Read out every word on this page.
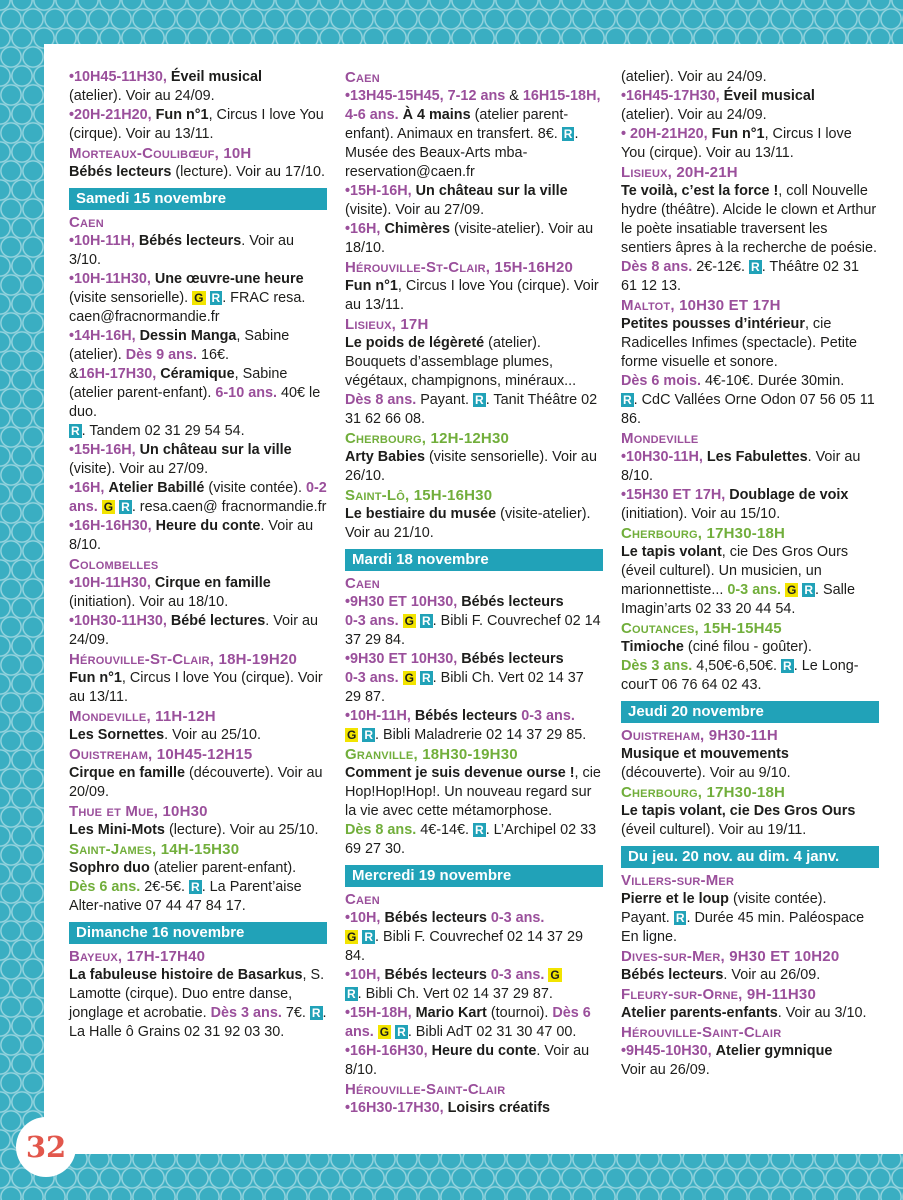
•10H45-11H30, Éveil musical
(atelier). Voir au 24/09.

•20H-21H20, Fun n°1, Circus I love You (cirque). Voir au 13/11.

Morteaux-Coulibœuf, 10H

Bébés lecteurs (lecture). Voir au 17/10.

Samedi 15 novembre

Caen

•10H-11H, Bébés lecteurs. Voir au 3/10.

•10H-11H30, Une œuvre-une heure (visite sensorielle). G R . FRAC resa. caen@fracnormandie.fr

•14H-16H, Dessin Manga, Sabine (atelier). Dès 9 ans. 16€.

&16H-17H30, Céramique, Sabine (atelier parent-enfant). 6-10 ans. 40€ le duo.
R . Tandem 02 31 29 54 54.

•15H-16H, Un château sur la ville (visite). Voir au 27/09.

•16H, Atelier Babillé (visite contée). 0-2 ans. G R . resa.caen@ fracnormandie.fr

•16H-16H30, Heure du conte. Voir au 8/10.

Colombelles

•10H-11H30, Cirque en famille (initiation). Voir au 18/10.

•10H30-11H30, Bébé lectures. Voir au 24/09.

Hérouville-St-Clair, 18H-19H20

Fun n°1, Circus I love You (cirque). Voir au 13/11.

Mondeville, 11H-12H

Les Sornettes. Voir au 25/10.

Ouistreham, 10H45-12H15

Cirque en famille (découverte). Voir au 20/09.

Thue et Mue, 10H30

Les Mini-Mots (lecture). Voir au 25/10.

Saint-James, 14H-15H30

Sophro duo (atelier parent-enfant).
Dès 6 ans. 2€-5€. R . La Parent’aise Alter-native 07 44 47 84 17.

Dimanche 16 novembre

Bayeux, 17H-17H40

La fabuleuse histoire de Basarkus, S. Lamotte (cirque). Duo entre danse, jonglage et acrobatie. Dès 3 ans. 7€. R . La Halle ô Grains 02 31 92 03 30.

Caen

•13H45-15H45, 7-12 ans & 16H15-18H, 4-6 ans. À 4 mains (atelier parent-enfant). Animaux en transfert. 8€. R . Musée des Beaux-Arts mba-reservation@caen.fr

•15H-16H, Un château sur la ville (visite). Voir au 27/09.

•16H, Chimères (visite-atelier). Voir au 18/10.

Hérouville-St-Clair, 15H-16H20

Fun n°1, Circus I love You (cirque). Voir au 13/11.

Lisieux, 17H

Le poids de légèreté (atelier). Bouquets d’assemblage plumes, végétaux, champignons, minéraux...
Dès 8 ans. Payant. R . Tanit Théâtre 02 31 62 66 08.

Cherbourg, 12H-12H30

Arty Babies (visite sensorielle). Voir au 26/10.

Saint-Lô, 15H-16H30

Le bestiaire du musée (visite-atelier). Voir au 21/10.

Mardi 18 novembre

Caen

•9H30 ET 10H30, Bébés lecteurs
0-3 ans. G R . Bibli F. Couvrechef 02 14 37 29 84.

•9H30 ET 10H30, Bébés lecteurs
0-3 ans. G R . Bibli Ch. Vert 02 14 37 29 87.

•10H-11H, Bébés lecteurs 0-3 ans.
G R . Bibli Maladrerie 02 14 37 29 85.

Granville, 18H30-19H30

Comment je suis devenue ourse !, cie Hop!Hop!Hop!. Un nouveau regard sur la vie avec cette métamorphose.
Dès 8 ans. 4€-14€. R . L’Archipel 02 33 69 27 30.

Mercredi 19 novembre

Caen

•10H, Bébés lecteurs 0-3 ans.
G R . Bibli F. Couvrechef 02 14 37 29 84.

•10H, Bébés lecteurs 0-3 ans. G
R . Bibli Ch. Vert 02 14 37 29 87.

•15H-18H, Mario Kart (tournoi). Dès 6 ans. G R . Bibli AdT 02 31 30 47 00.

•16H-16H30, Heure du conte. Voir au 8/10.

Hérouville-Saint-Clair

•16H30-17H30, Loisirs créatifs

(atelier). Voir au 24/09.

•16H45-17H30, Éveil musical
(atelier). Voir au 24/09.

• 20H-21H20, Fun n°1, Circus I love You (cirque). Voir au 13/11.

Lisieux, 20H-21H

Te voilà, c’est la force !, coll Nouvelle hydre (théâtre). Alcide le clown et Arthur le poète insatiable traversent les sentiers âpres à la recherche de poésie. Dès 8 ans. 2€-12€. R . Théâtre 02 31 61 12 13.

Maltot, 10H30 ET 17H

Petites pousses d’intérieur, cie Radicelles Infimes (spectacle). Petite forme visuelle et sonore.
Dès 6 mois. 4€-10€. Durée 30min.
R . CdC Vallées Orne Odon 07 56 05 11 86.

Mondeville

•10H30-11H, Les Fabulettes. Voir au 8/10.

•15H30 ET 17H, Doublage de voix (initiation). Voir au 15/10.

Cherbourg, 17H30-18H

Le tapis volant, cie Des Gros Ours (éveil culturel). Un musicien, un marionnettiste... 0-3 ans. G R . Salle Imagin’arts 02 33 20 44 54.

Coutances, 15H-15H45

Timioche (ciné filou - goûter).
Dès 3 ans. 4,50€-6,50€. R . Le Long-courT 06 76 64 02 43.

Jeudi 20 novembre

Ouistreham, 9H30-11H

Musique et mouvements
(découverte). Voir au 9/10.

Cherbourg, 17H30-18H

Le tapis volant, cie Des Gros Ours
(éveil culturel). Voir au 19/11.

Du jeu. 20 nov. au dim. 4 janv.

Villers-sur-Mer

Pierre et le loup (visite contée). Payant. R . Durée 45 min. Paléospace En ligne.

Dives-sur-Mer, 9H30 ET 10H20

Bébés lecteurs. Voir au 26/09.

Fleury-sur-Orne, 9H-11H30

Atelier parents-enfants. Voir au 3/10.

Hérouville-Saint-Clair

•9H45-10H30, Atelier gymnique
Voir au 26/09.

32
